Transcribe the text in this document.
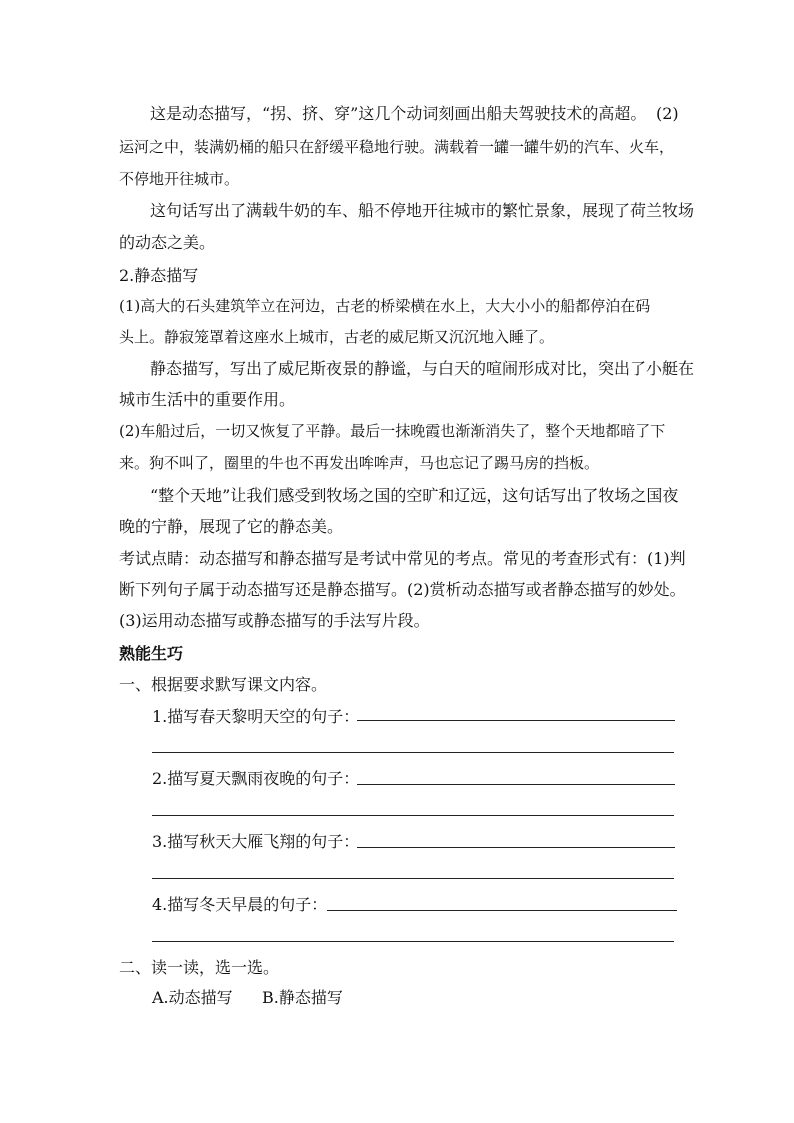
这是动态描写，“拐、挤、穿”这几个动词刻画出船夫驾驶技术的高超。 (2)
运河之中，装满奶桶的船只在舒缓平稳地行驶。满载着一罐一罐牛奶的汽车、火车，
不停地开往城市。
这句话写出了满载牛奶的车、船不停地开往城市的繁忙景象，展现了荷兰牧场
的动态之美。
2.静态描写
(1)高大的石头建筑竿立在河边，古老的桥梁横在水上，大大小小的船都停泊在码
头上。静寂笼罩着这座水上城市，古老的威尼斯又沉沉地入睡了。
静态描写，写出了威尼斯夜景的静谧，与白天的喧闹形成对比，突出了小艇在
城市生活中的重要作用。
(2)车船过后，一切又恢复了平静。最后一抹晚霞也渐渐消失了，整个天地都暗了下
来。狗不叫了，圈里的牛也不再发出哞哞声，马也忘记了踢马房的挡板。
“整个天地”让我们感受到牧场之国的空旷和辽远，这句话写出了牧场之国夜
晚的宁静，展现了它的静态美。
考试点睛：动态描写和静态描写是考试中常见的考点。常见的考查形式有：(1)判
断下列句子属于动态描写还是静态描写。(2)赏析动态描写或者静态描写的妙处。
(3)运用动态描写或静态描写的手法写片段。
熟能生巧
一、根据要求默写课文内容。
1.描写春天黎明天空的句子：
2.描写夏天飘雨夜晚的句子：
3.描写秋天大雁飞翔的句子：
4.描写冬天早晨的句子：
二、读一读，选一选。
A.动态描写 B.静态描写
